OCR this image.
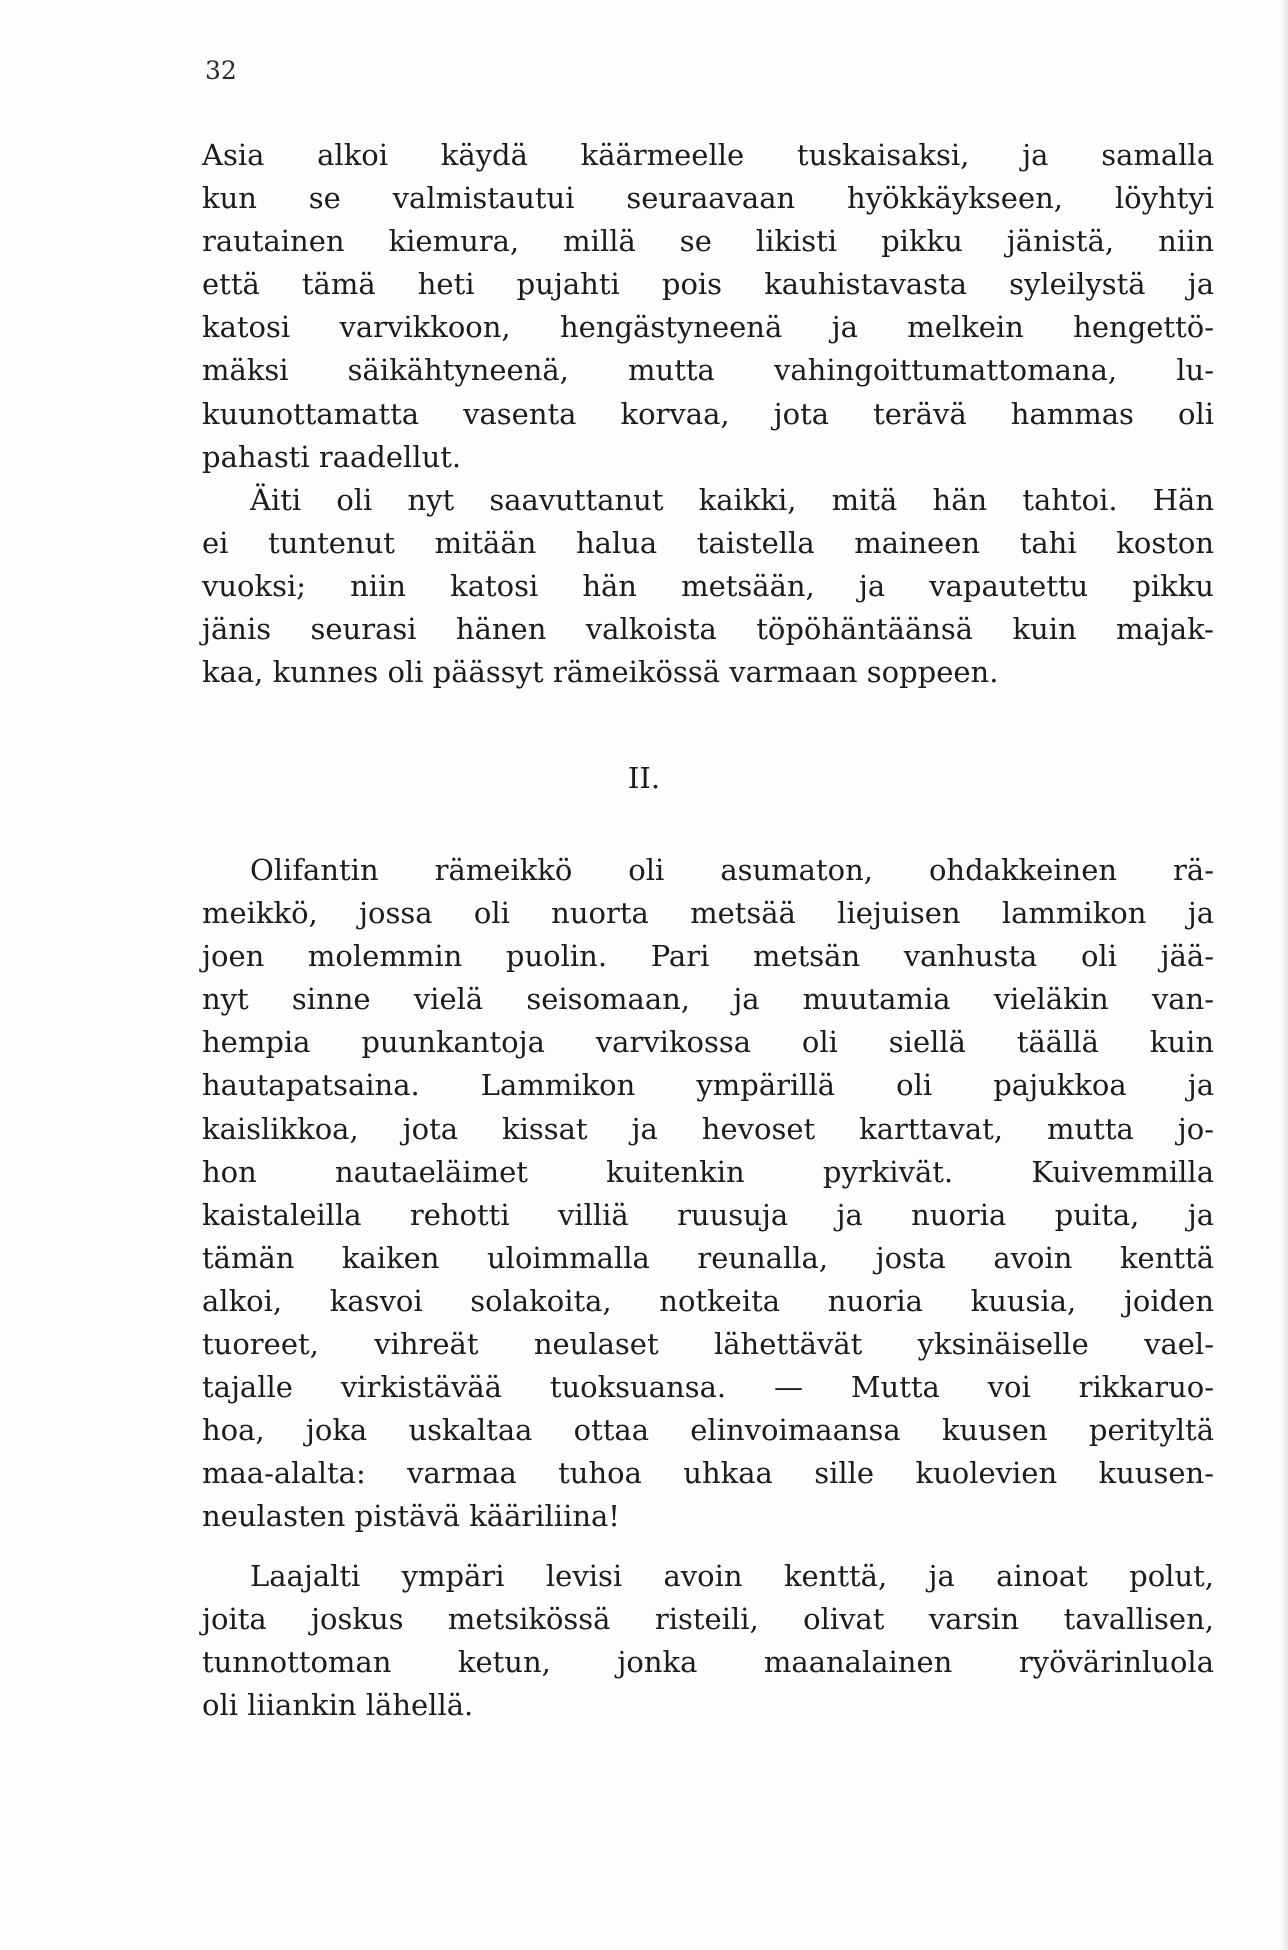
32
Asia alkoi käydä käärmeelle tuskaisaksi, ja samalla
kun se valmistautui seuraavaan hyökkäykseen, löyhtyi
rautainen kiemura, millä se likisti pikku jänistä, niin
että tämä heti pujahti pois kauhistavasta syleilystä ja
katosi varvikkoon, hengästyneenä ja melkein hengettö-
mäksi säikähtyneenä, mutta vahingoittumattomana, lu-
kuunottamatta vasenta korvaa, jota terävä hammas oli
pahasti raadellut.
Äiti oli nyt saavuttanut kaikki, mitä hän tahtoi. Hän
ei tuntenut mitään halua taistella maineen tahi koston
vuoksi; niin katosi hän metsään, ja vapautettu pikku
jänis seurasi hänen valkoista töpöhäntäänsä kuin majak-
kaa, kunnes oli päässyt rämeikössä varmaan soppeen.
Olifantin rämeikkö oli asumaton, ohdakkeinen rä-
meikkö, jossa oli nuorta metsää liejuisen lammikon ja
joen molemmin puolin. Pari metsän vanhusta oli jää-
nyt sinne vielä seisomaan, ja muutamia vieläkin van-
hempia puunkantoja varvikossa oli siellä täällä kuin
hautapatsaina. Lammikon ympärillä oli pajukkoa ja
kaislikkoa, jota kissat ja hevoset karttavat, mutta jo-
hon nautaeläimet kuitenkin pyrkivät. Kuivemmilla
kaistaleilla rehotti villiä ruusuja ja nuoria puita, ja
tämän kaiken uloimmalla reunalla, josta avoin kenttä
alkoi, kasvoi solakoita, notkeita nuoria kuusia, joiden
tuoreet, vihreät neulaset lähettävät yksinäiselle vael-
tajalle virkistävää tuoksuansa. — Mutta voi rikkaruo-
hoa, joka uskaltaa ottaa elinvoimaansa kuusen perityltä
maa-alalta: varmaa tuhoa uhkaa sille kuolevien kuusen-
neulasten pistävä kääriliina!
Laajalti ympäri levisi avoin kenttä, ja ainoat polut,
joita joskus metsikössä risteili, olivat varsin tavallisen,
tunnottoman ketun, jonka maanalainen ryövärinluola
oli liiankin lähellä.
II.
